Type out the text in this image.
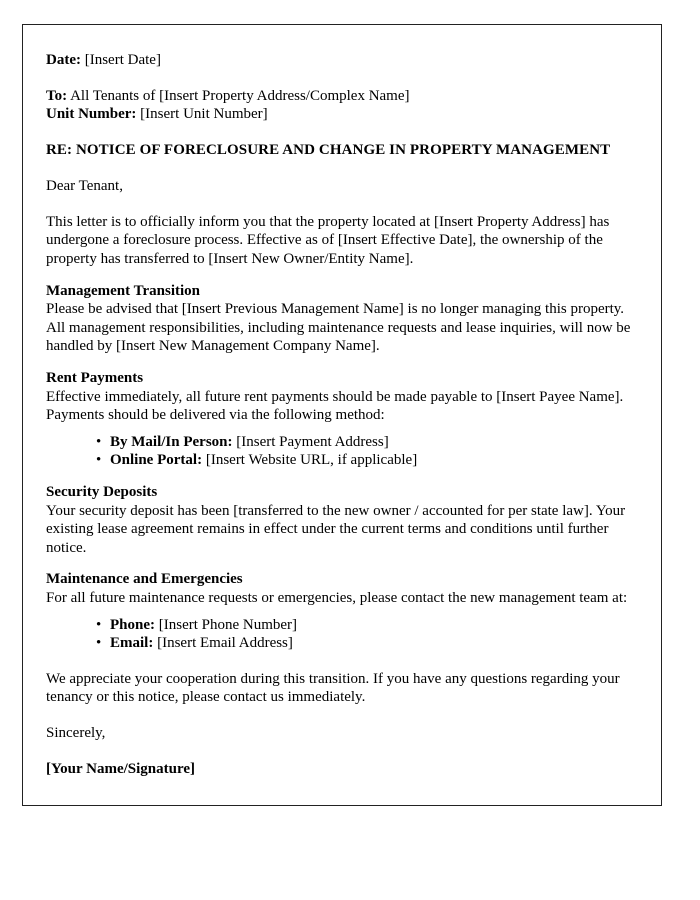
Date: [Insert Date]

To: All Tenants of [Insert Property Address/Complex Name]

Unit Number: [Insert Unit Number]

RE: NOTICE OF FORECLOSURE AND CHANGE IN PROPERTY MANAGEMENT

Dear Tenant,

This letter is to officially inform you that the property located at [Insert Property Address] has undergone a foreclosure process. Effective as of [Insert Effective Date], the ownership of the property has transferred to [Insert New Owner/Entity Name].

Management Transition

Please be advised that [Insert Previous Management Name] is no longer managing this property. All management responsibilities, including maintenance requests and lease inquiries, will now be handled by [Insert New Management Company Name].

Rent Payments

Effective immediately, all future rent payments should be made payable to [Insert Payee Name]. Payments should be delivered via the following method:

• By Mail/In Person: [Insert Payment Address]
• Online Portal: [Insert Website URL, if applicable]

Security Deposits

Your security deposit has been [transferred to the new owner / accounted for per state law]. Your existing lease agreement remains in effect under the current terms and conditions until further notice.

Maintenance and Emergencies

For all future maintenance requests or emergencies, please contact the new management team at:

• Phone: [Insert Phone Number]
• Email: [Insert Email Address]

We appreciate your cooperation during this transition. If you have any questions regarding your tenancy or this notice, please contact us immediately.

Sincerely,

[Your Name/Signature]
